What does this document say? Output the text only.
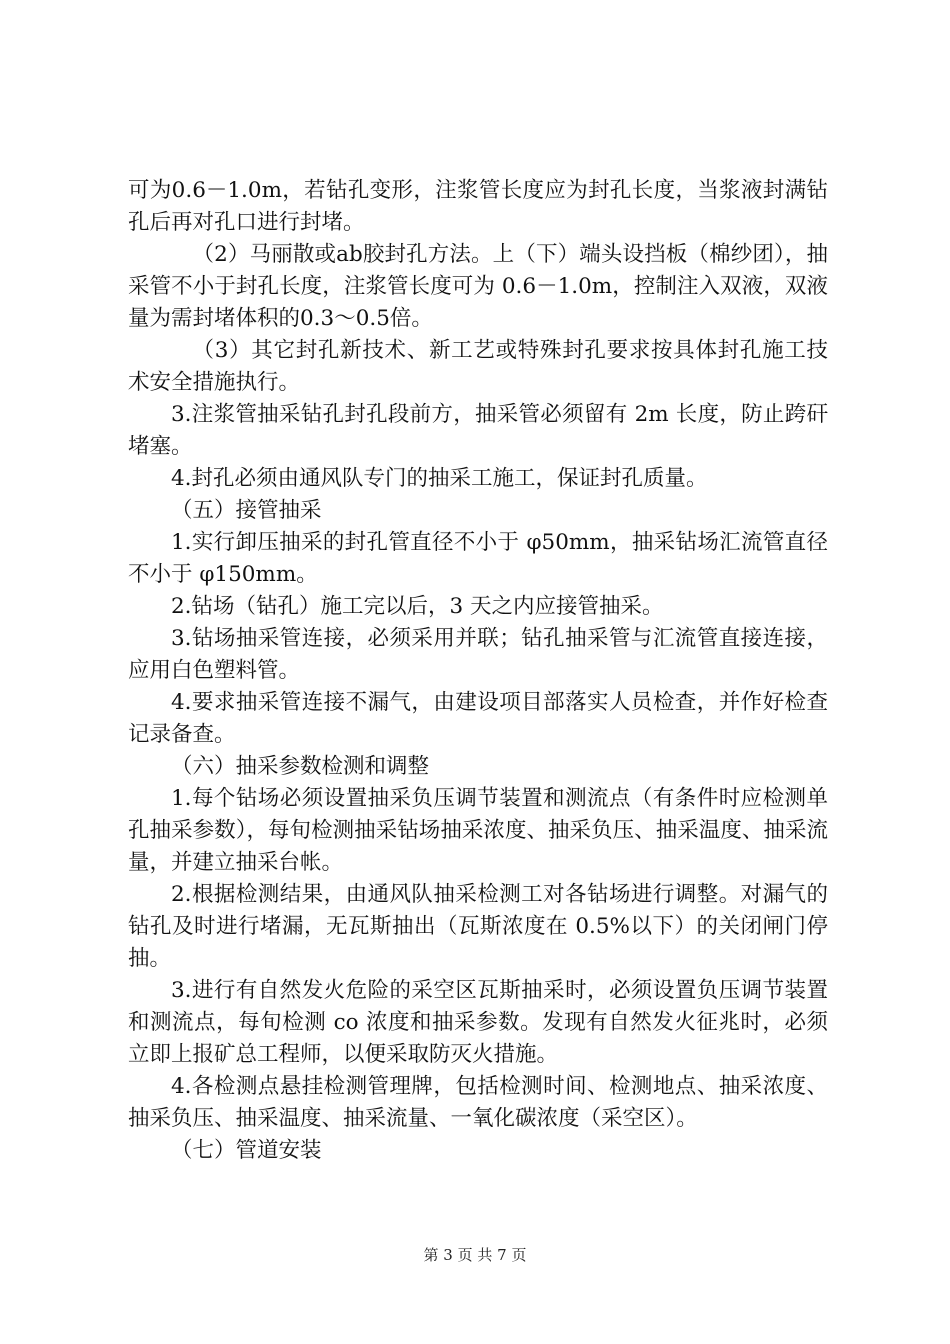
可为0.6－1.0m，若钻孔变形，注浆管长度应为封孔长度，当浆液封满钻孔后再对孔口进行封堵。

（2）马丽散或ab胶封孔方法。上（下）端头设挡板（棉纱团），抽采管不小于封孔长度，注浆管长度可为 0.6－1.0m，控制注入双液，双液量为需封堵体积的0.3～0.5倍。

（3）其它封孔新技术、新工艺或特殊封孔要求按具体封孔施工技术安全措施执行。

3.注浆管抽采钻孔封孔段前方，抽采管必须留有 2m 长度，防止跨矸堵塞。

4.封孔必须由通风队专门的抽采工施工，保证封孔质量。

（五）接管抽采

1.实行卸压抽采的封孔管直径不小于 φ50mm，抽采钻场汇流管直径不小于 φ150mm。

2.钻场（钻孔）施工完以后，3 天之内应接管抽采。

3.钻场抽采管连接，必须采用并联；钻孔抽采管与汇流管直接连接，应用白色塑料管。

4.要求抽采管连接不漏气，由建设项目部落实人员检查，并作好检查记录备查。

（六）抽采参数检测和调整

1.每个钻场必须设置抽采负压调节装置和测流点（有条件时应检测单孔抽采参数），每旬检测抽采钻场抽采浓度、抽采负压、抽采温度、抽采流量，并建立抽采台帐。

2.根据检测结果，由通风队抽采检测工对各钻场进行调整。对漏气的钻孔及时进行堵漏，无瓦斯抽出（瓦斯浓度在 0.5%以下）的关闭闸门停抽。

3.进行有自然发火危险的采空区瓦斯抽采时，必须设置负压调节装置和测流点，每旬检测 co 浓度和抽采参数。发现有自然发火征兆时，必须立即上报矿总工程师，以便采取防灭火措施。

4.各检测点悬挂检测管理牌，包括检测时间、检测地点、抽采浓度、抽采负压、抽采温度、抽采流量、一氧化碳浓度（采空区）。

（七）管道安装

第 3 页 共 7 页
